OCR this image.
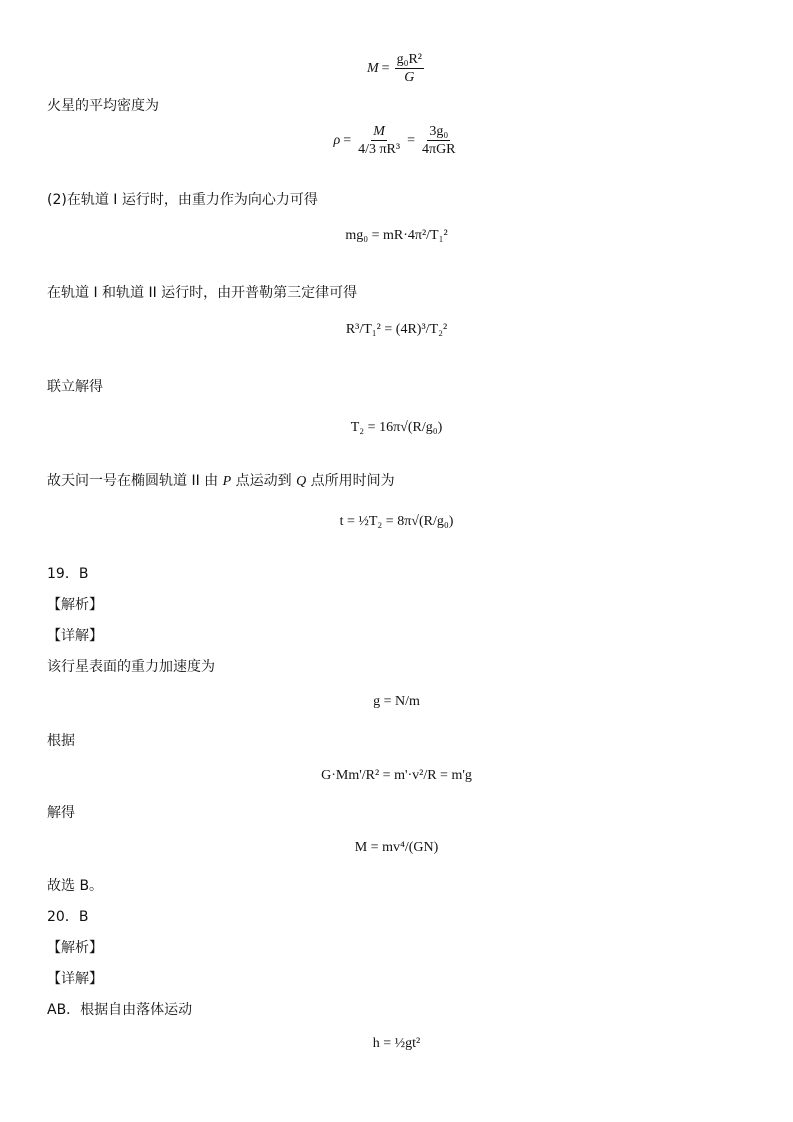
$M = \frac{\text{g₀R²}}{G}$
火星的平均密度为
$\rho = \frac{M}{\text{4/3 πR³}}$ =
3g₀
4πGR
(2)在轨道 I 运行时，由重力作为向心力可得
mg₀ = mR·4π²/T₁²
在轨道 I 和轨道 II 运行时，由开普勒第三定律可得
R³/T₁² = (4R)³/T₂²
联立解得
T₂ = 16π√(R/g₀)
故天问一号在椭圆轨道 II 由 P 点运动到 Q 点所用时间为
t = ½T₂ = 8π√(R/g₀)
19．B
【解析】
【详解】
该行星表面的重力加速度为
g = N/m
根据
G·Mm'/R² = m'·v²/R = m'g
解得
M = mv⁴/(GN)
故选 B。
20．B
【解析】
【详解】
AB．根据自由落体运动
h = ½gt²
